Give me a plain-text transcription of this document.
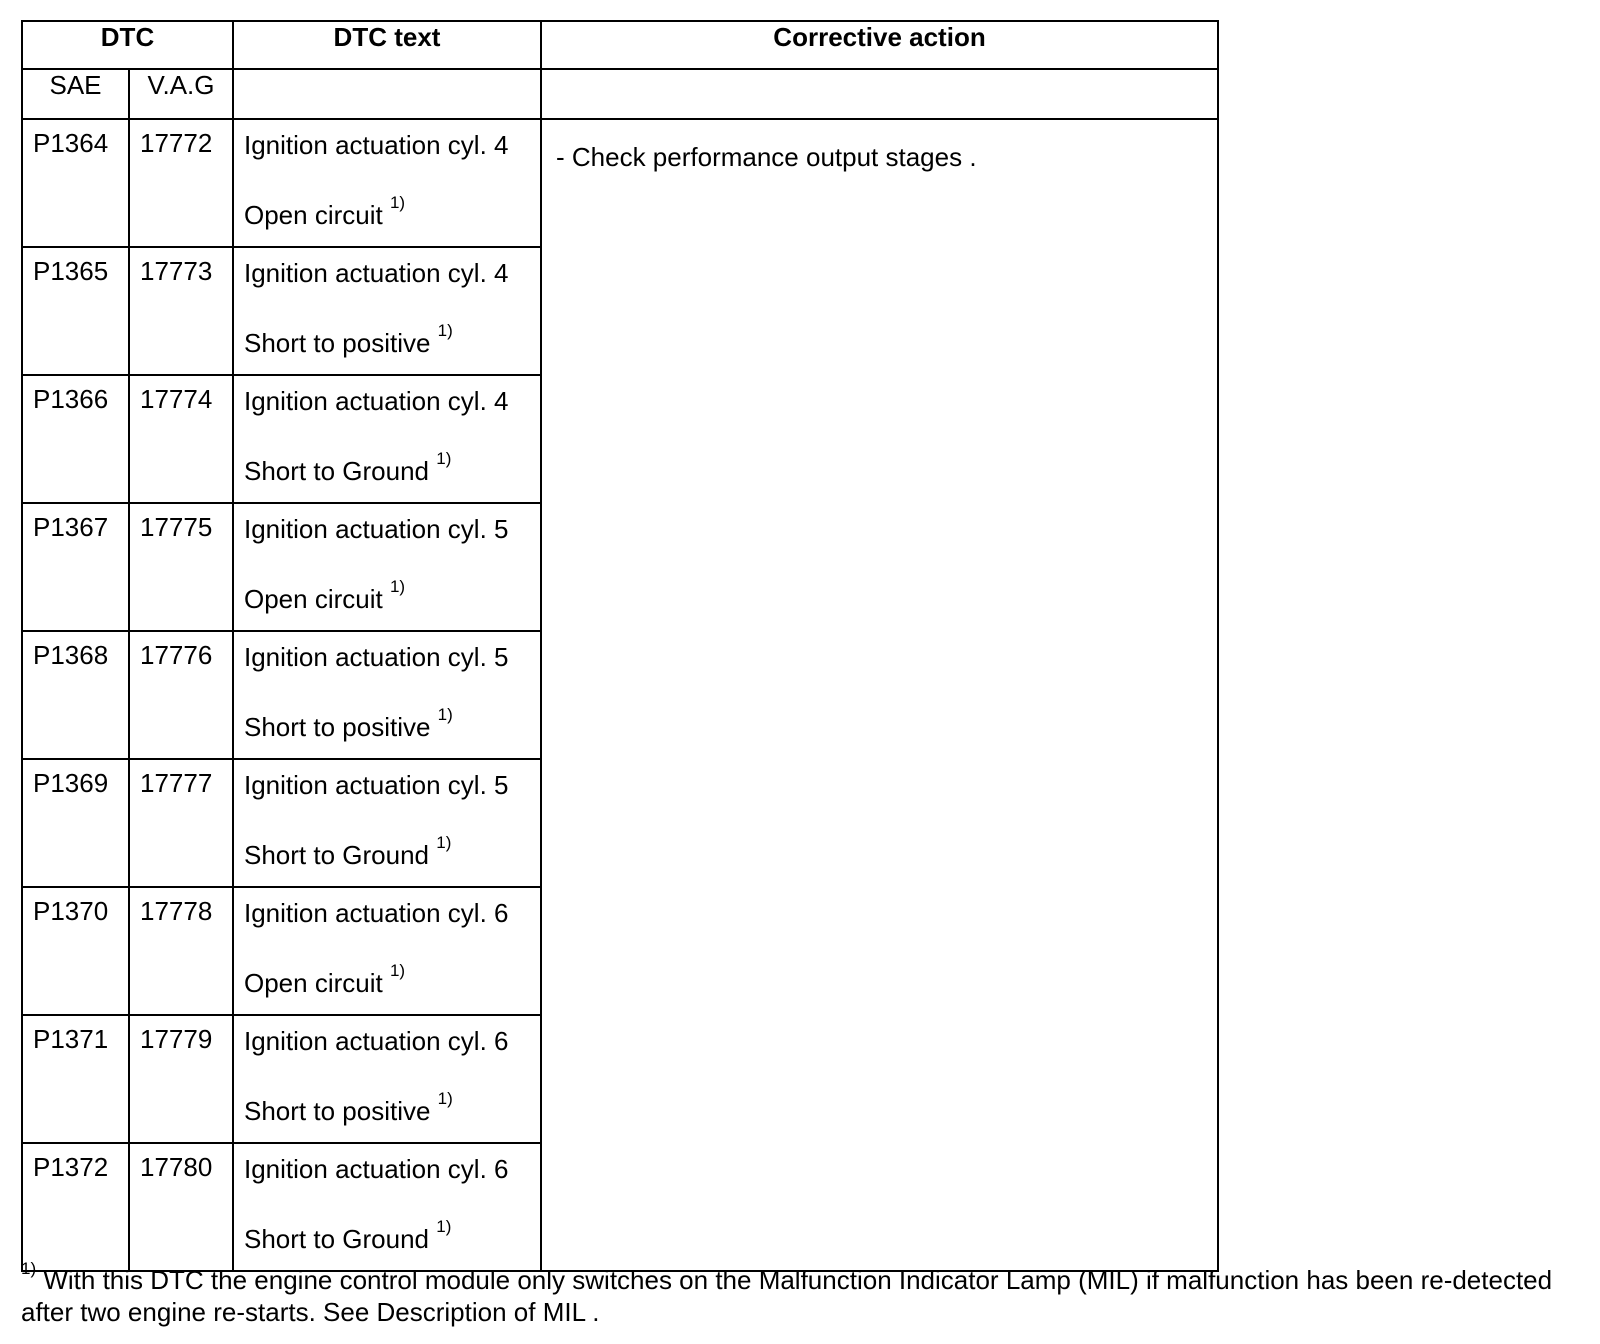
DTC		DTC text	Corrective action
SAE	V.A.G		
P1364	17772	Ignition actuation cyl. 4
Open circuit $^{1)}$	- Check performance output stages .
P1365	17773	Ignition actuation cyl. 4
Short to positive $^{1)}$

P1366	17774	Ignition actuation cyl. 4
Short to Ground $^{1)}$

P1367	17775	Ignition actuation cyl. 5
Open circuit $^{1)}$

P1368	17776	Ignition actuation cyl. 5
Short to positive $^{1)}$

P1369	17777	Ignition actuation cyl. 5
Short to Ground $^{1)}$

P1370	17778	Ignition actuation cyl. 6
Open circuit $^{1)}$

P1371	17779	Ignition actuation cyl. 6
Short to positive $^{1)}$

P1372	17780	Ignition actuation cyl. 6
Short to Ground $^{1)}$
$^{1)}$ With this DTC the engine control module only switches on the Malfunction Indicator Lamp (MIL) if malfunction has been re-detected after two engine re-starts. See Description of MIL .
